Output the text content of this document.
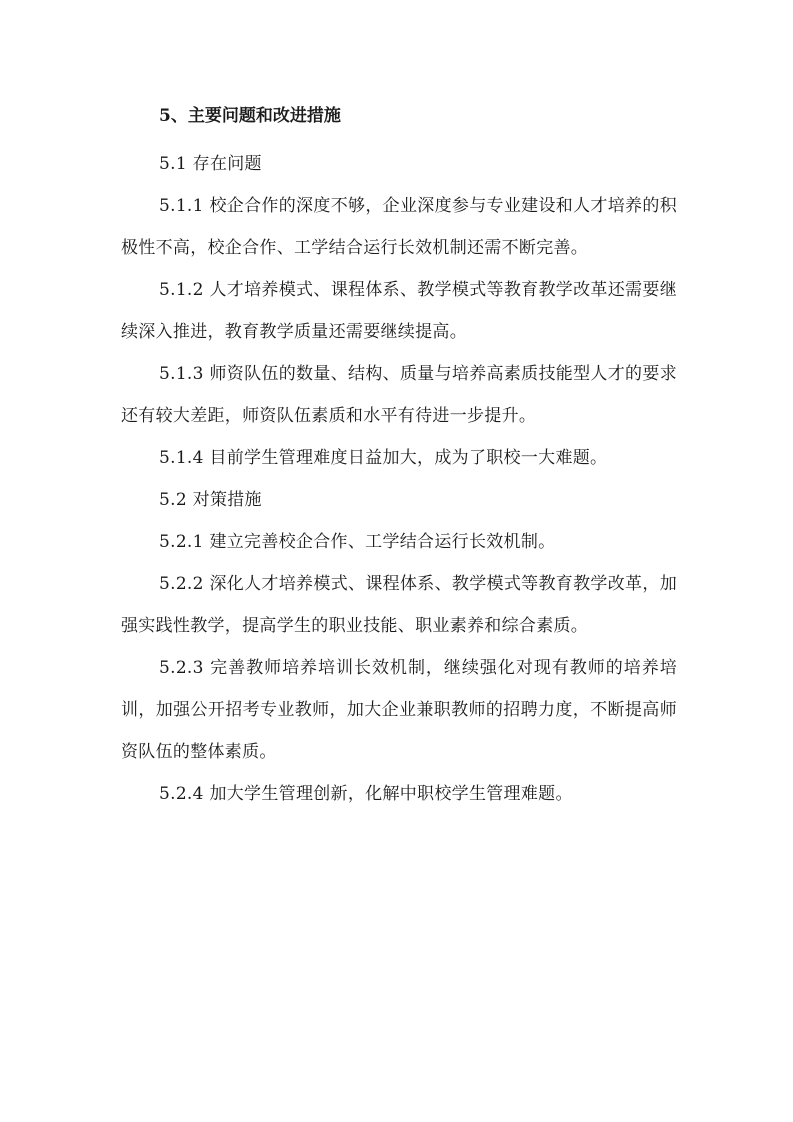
5、主要问题和改进措施

5.1 存在问题

5.1.1 校企合作的深度不够，企业深度参与专业建设和人才培养的积极性不高，校企合作、工学结合运行长效机制还需不断完善。

5.1.2 人才培养模式、课程体系、教学模式等教育教学改革还需要继续深入推进，教育教学质量还需要继续提高。

5.1.3 师资队伍的数量、结构、质量与培养高素质技能型人才的要求还有较大差距，师资队伍素质和水平有待进一步提升。

5.1.4 目前学生管理难度日益加大，成为了职校一大难题。

5.2 对策措施

5.2.1 建立完善校企合作、工学结合运行长效机制。

5.2.2 深化人才培养模式、课程体系、教学模式等教育教学改革，加强实践性教学，提高学生的职业技能、职业素养和综合素质。

5.2.3 完善教师培养培训长效机制，继续强化对现有教师的培养培训，加强公开招考专业教师，加大企业兼职教师的招聘力度，不断提高师资队伍的整体素质。

5.2.4 加大学生管理创新，化解中职校学生管理难题。
